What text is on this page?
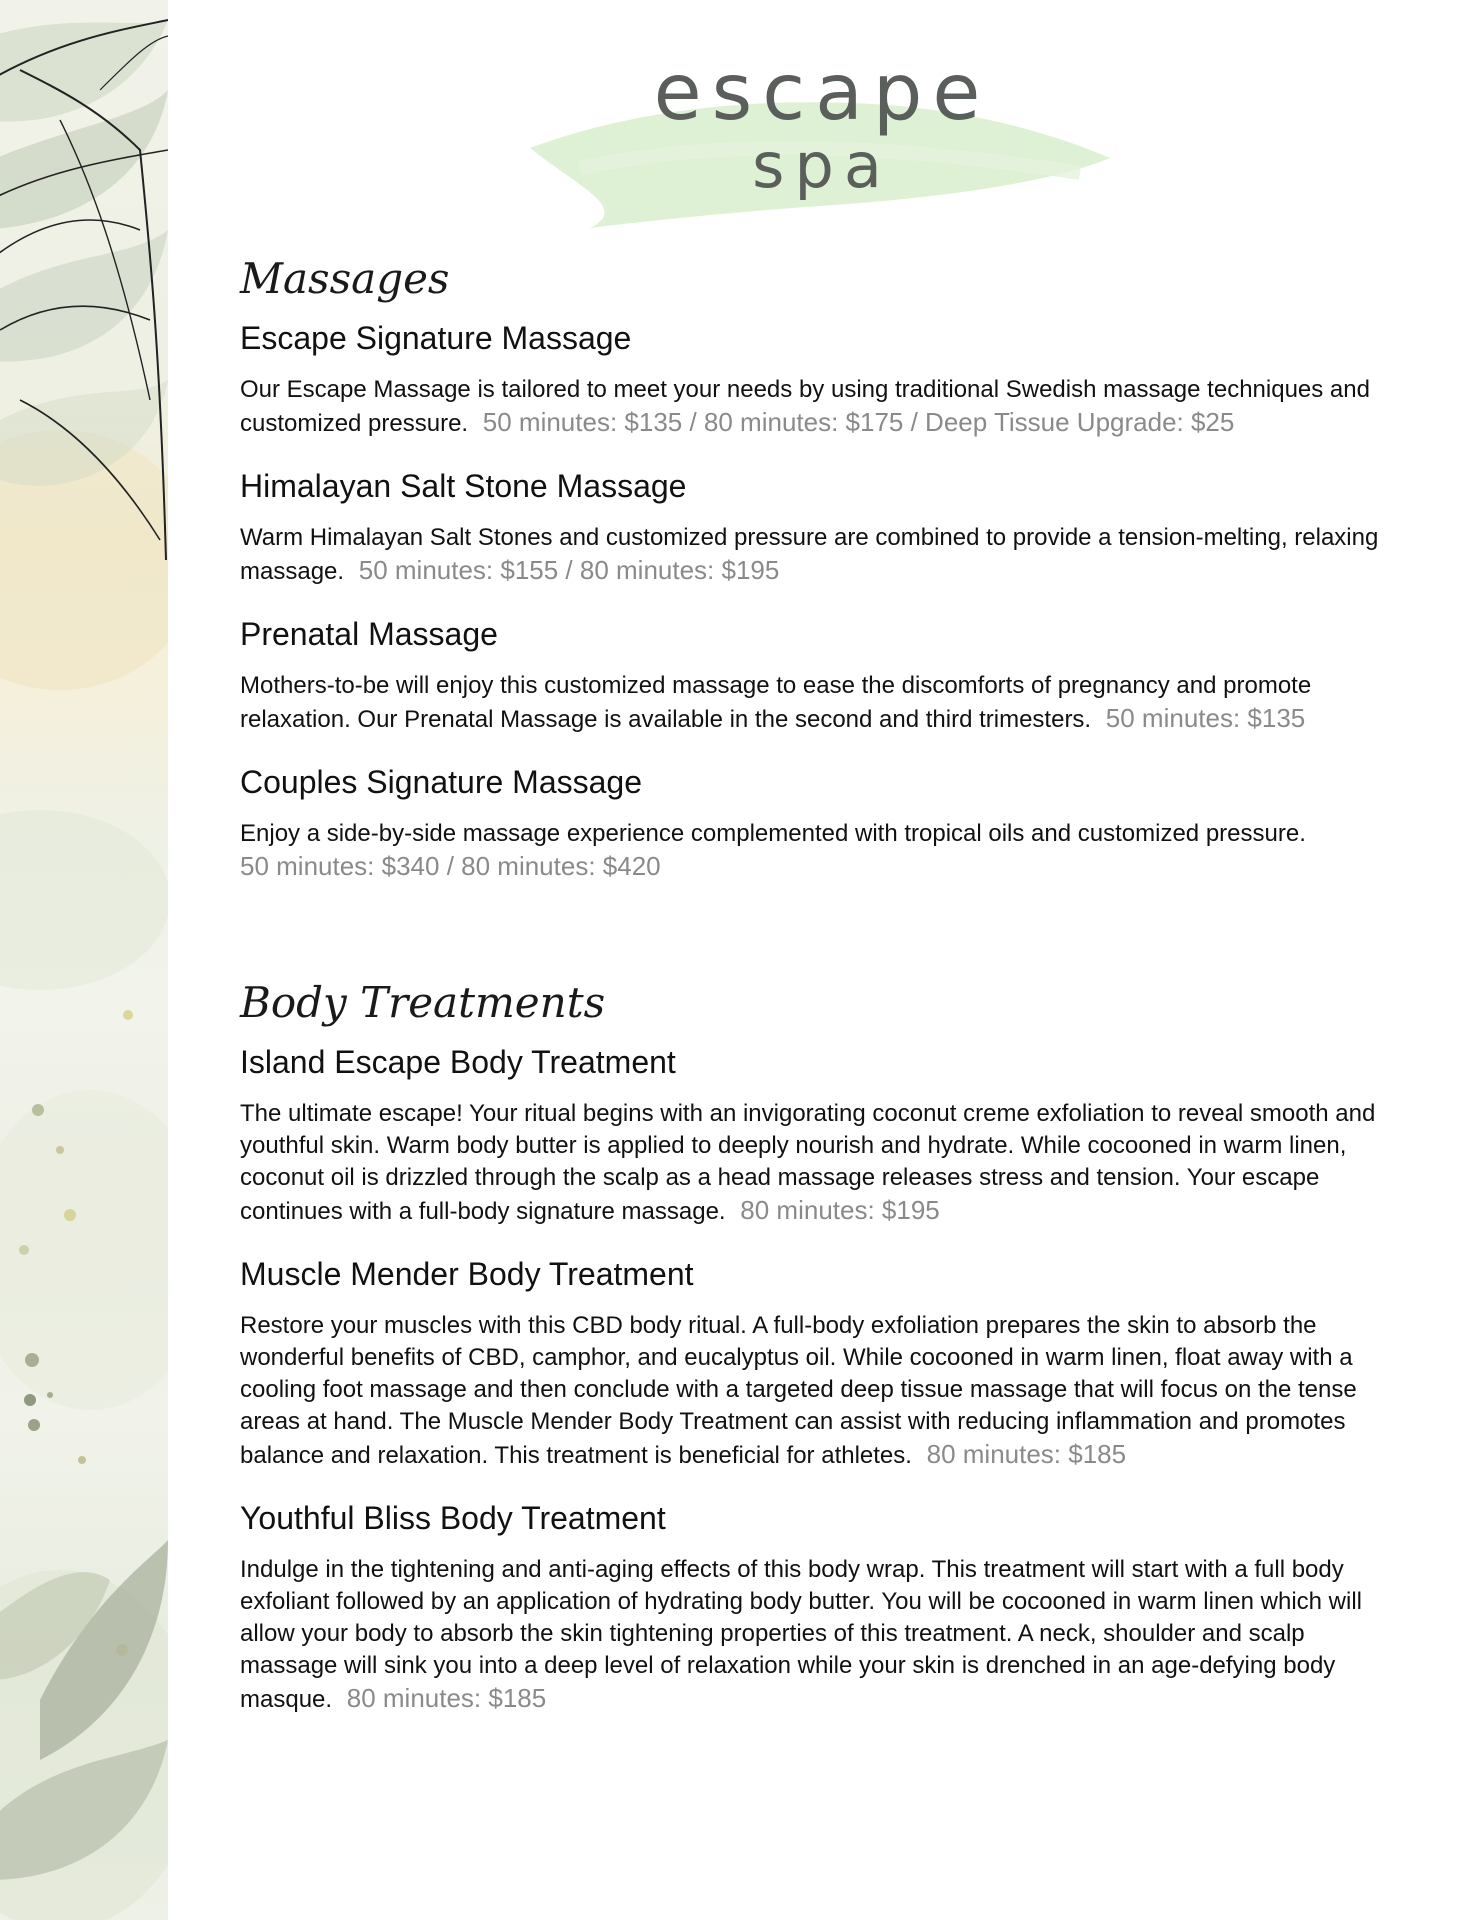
escape
spa
Massages
Escape Signature Massage
Our Escape Massage is tailored to meet your needs by using traditional Swedish massage techniques and customized pressure. 50 minutes: $135 / 80 minutes: $175 / Deep Tissue Upgrade: $25
Himalayan Salt Stone Massage
Warm Himalayan Salt Stones and customized pressure are combined to provide a tension-melting, relaxing massage. 50 minutes: $155 / 80 minutes: $195
Prenatal Massage
Mothers-to-be will enjoy this customized massage to ease the discomforts of pregnancy and promote relaxation. Our Prenatal Massage is available in the second and third trimesters. 50 minutes: $135
Couples Signature Massage
Enjoy a side-by-side massage experience complemented with tropical oils and customized pressure.
50 minutes: $340 / 80 minutes: $420
Body Treatments
Island Escape Body Treatment
The ultimate escape! Your ritual begins with an invigorating coconut creme exfoliation to reveal smooth and youthful skin. Warm body butter is applied to deeply nourish and hydrate. While cocooned in warm linen, coconut oil is drizzled through the scalp as a head massage releases stress and tension. Your escape continues with a full-body signature massage. 80 minutes: $195
Muscle Mender Body Treatment
Restore your muscles with this CBD body ritual. A full-body exfoliation prepares the skin to absorb the wonderful benefits of CBD, camphor, and eucalyptus oil. While cocooned in warm linen, float away with a cooling foot massage and then conclude with a targeted deep tissue massage that will focus on the tense areas at hand. The Muscle Mender Body Treatment can assist with reducing inflammation and promotes balance and relaxation. This treatment is beneficial for athletes. 80 minutes: $185
Youthful Bliss Body Treatment
Indulge in the tightening and anti-aging effects of this body wrap. This treatment will start with a full body exfoliant followed by an application of hydrating body butter. You will be cocooned in warm linen which will allow your body to absorb the skin tightening properties of this treatment. A neck, shoulder and scalp massage will sink you into a deep level of relaxation while your skin is drenched in an age-defying body masque. 80 minutes: $185
